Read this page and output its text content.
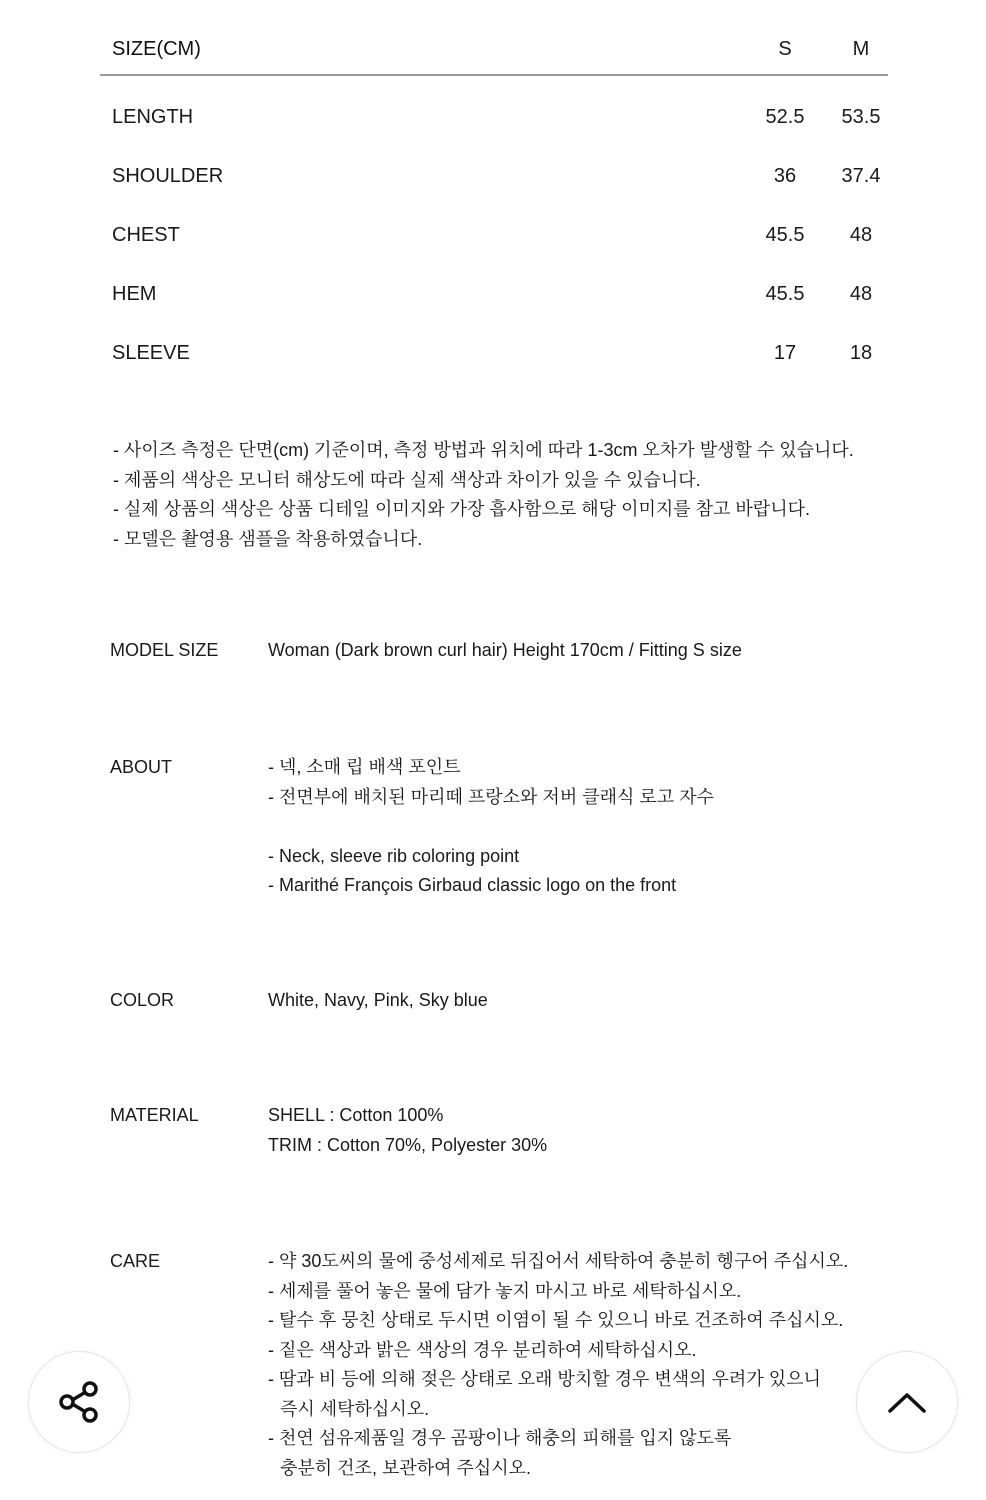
SIZE(CM)	S	M
LENGTH	52.5	53.5
SHOULDER	36	37.4
CHEST	45.5	48
HEM	45.5	48
SLEEVE	17	18
- 사이즈 측정은 단면(cm) 기준이며, 측정 방법과 위치에 따라 1-3cm 오차가 발생할 수 있습니다.
- 제품의 색상은 모니터 해상도에 따라 실제 색상과 차이가 있을 수 있습니다.
- 실제 상품의 색상은 상품 디테일 이미지와 가장 흡사함으로 해당 이미지를 참고 바랍니다.
- 모델은 촬영용 샘플을 착용하였습니다.
MODEL SIZE	Woman (Dark brown curl hair) Height 170cm / Fitting S size
ABOUT	- 넥, 소매 립 배색 포인트
- 전면부에 배치된 마리떼 프랑소와 저버 클래식 로고 자수
- Neck, sleeve rib coloring point
- Marithé François Girbaud classic logo on the front
COLOR	White, Navy, Pink, Sky blue
MATERIAL	SHELL : Cotton 100%
TRIM : Cotton 70%, Polyester 30%
CARE	- 약 30도씨의 물에 중성세제로 뒤집어서 세탁하여 충분히 헹구어 주십시오.
- 세제를 풀어 놓은 물에 담가 놓지 마시고 바로 세탁하십시오.
- 탈수 후 뭉친 상태로 두시면 이염이 될 수 있으니 바로 건조하여 주십시오.
- 짙은 색상과 밝은 색상의 경우 분리하여 세탁하십시오.
- 땀과 비 등에 의해 젖은 상태로 오래 방치할 경우 변색의 우려가 있으니
즉시 세탁하십시오.
- 천연 섬유제품일 경우 곰팡이나 해충의 피해를 입지 않도록
충분히 건조, 보관하여 주십시오.
